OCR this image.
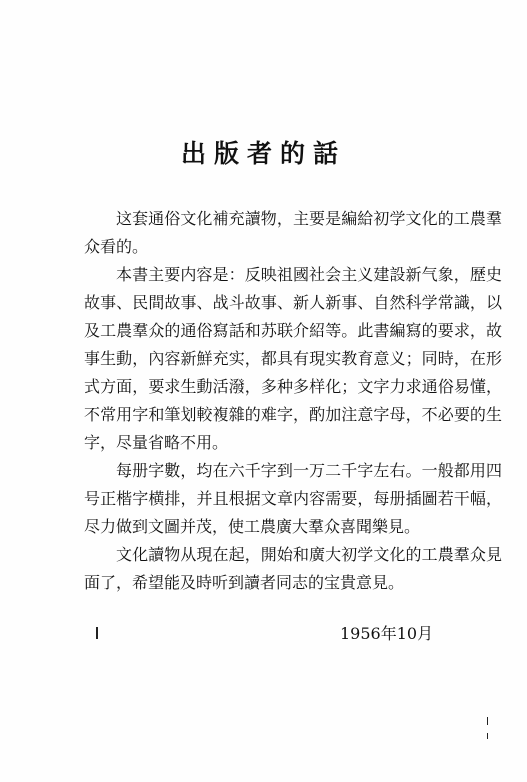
出版者的話

这套通俗文化補充讀物，主要是編給初学文化的工農羣众看的。

本書主要内容是：反映祖國社会主义建設新气象，歷史故事、民間故事、战斗故事、新人新事、自然科学常識，以及工農羣众的通俗寫話和苏联介紹等。此書編寫的要求，故事生動，內容新鮮充实，都具有現实教育意义；同時，在形式方面，要求生動活潑，多种多样化；文字力求通俗易懂，不常用字和筆划較複雜的难字，酌加注意字母，不必要的生字，尽量省略不用。

每册字數，均在六千字到一万二千字左右。一般都用四号正楷字横排，并且根据文章内容需要，每册插圖若干幅，尽力做到文圖并茂，使工農廣大羣众喜聞樂見。

文化讀物从現在起，開始和廣大初学文化的工農羣众見面了，希望能及時听到讀者同志的宝貴意見。

1956年10月
